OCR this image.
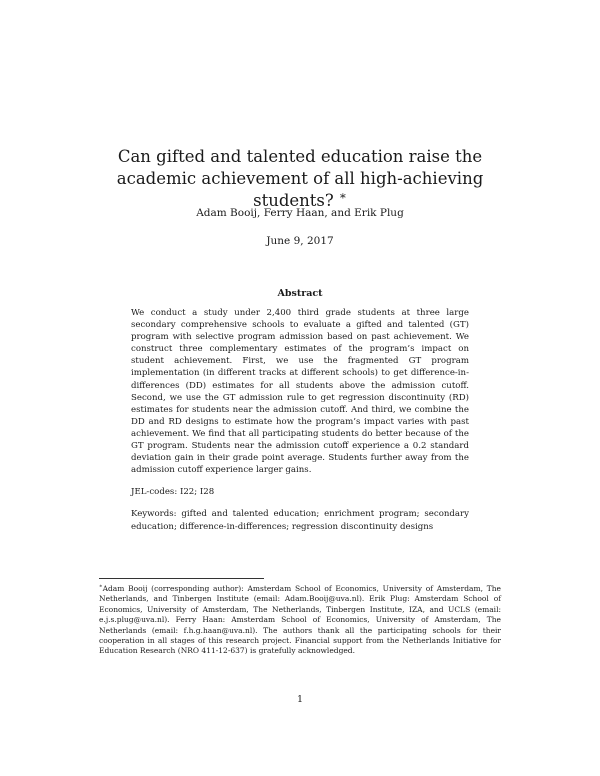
Can gifted and talented education raise the academic achievement of all high-achieving students? ∗
Adam Booij, Ferry Haan, and Erik Plug
June 9, 2017
Abstract

We conduct a study under 2,400 third grade students at three large secondary comprehensive schools to evaluate a gifted and talented (GT) program with selective program admission based on past achievement. We construct three complementary estimates of the program’s impact on student achievement. First, we use the fragmented GT program implementation (in different tracks at different schools) to get difference-in-differences (DD) estimates for all students above the admission cutoff. Second, we use the GT admission rule to get regression discontinuity (RD) estimates for students near the admission cutoff. And third, we combine the DD and RD designs to estimate how the program’s impact varies with past achievement. We find that all participating students do better because of the GT program. Students near the admission cutoff experience a 0.2 standard deviation gain in their grade point average. Students further away from the admission cutoff experience larger gains.

JEL-codes: I22; I28

Keywords: gifted and talented education; enrichment program; secondary education; difference-in-differences; regression discontinuity designs

∗Adam Booij (corresponding author): Amsterdam School of Economics, University of Amsterdam, The Netherlands, and Tinbergen Institute (email: Adam.Booij@uva.nl). Erik Plug: Amsterdam School of Economics, University of Amsterdam, The Netherlands, Tinbergen Institute, IZA, and UCLS (email: e.j.s.plug@uva.nl). Ferry Haan: Amsterdam School of Economics, University of Amsterdam, The Netherlands (email: f.h.g.haan@uva.nl). The authors thank all the participating schools for their cooperation in all stages of this research project. Financial support from the Netherlands Initiative for Education Research (NRO 411-12-637) is gratefully acknowledged.
1
